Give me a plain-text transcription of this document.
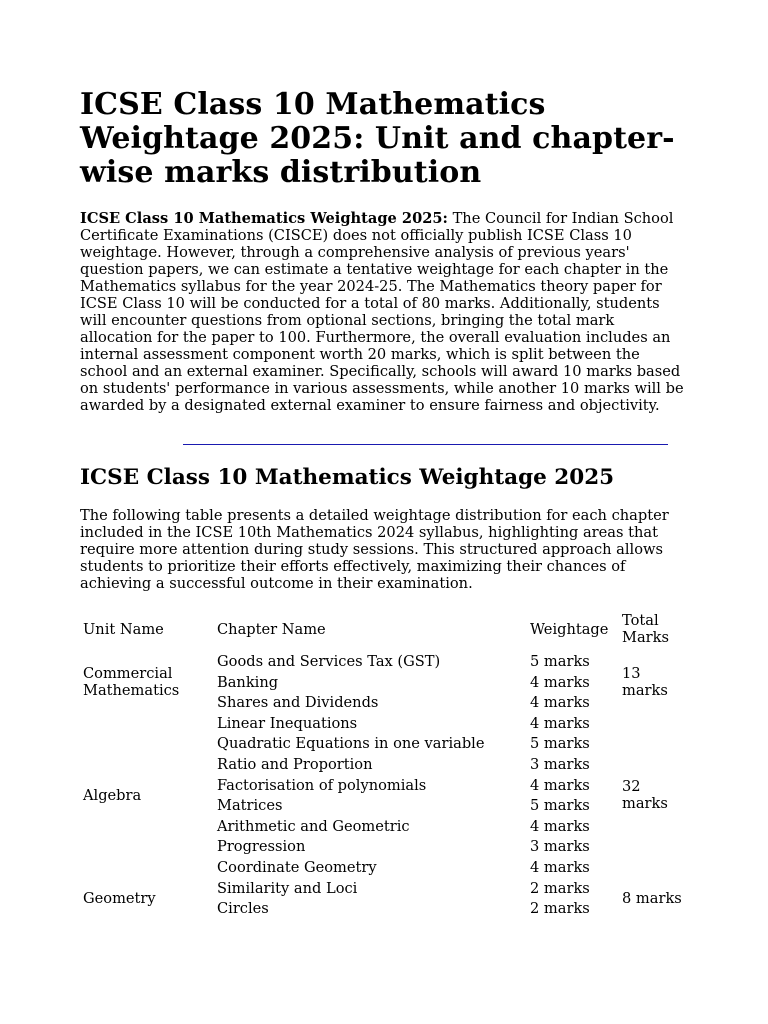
ICSE Class 10 Mathematics Weightage 2025: Unit and chapter-wise marks distribution

ICSE Class 10 Mathematics Weightage 2025: The Council for Indian School Certificate Examinations (CISCE) does not officially publish ICSE Class 10 weightage. However, through a comprehensive analysis of previous years' question papers, we can estimate a tentative weightage for each chapter in the Mathematics syllabus for the year 2024-25. The Mathematics theory paper for ICSE Class 10 will be conducted for a total of 80 marks. Additionally, students will encounter questions from optional sections, bringing the total mark allocation for the paper to 100. Furthermore, the overall evaluation includes an internal assessment component worth 20 marks, which is split between the school and an external examiner. Specifically, schools will award 10 marks based on students' performance in various assessments, while another 10 marks will be awarded by a designated external examiner to ensure fairness and objectivity.

ICSE Class 10 Mathematics Weightage 2025

The following table presents a detailed weightage distribution for each chapter included in the ICSE 10th Mathematics 2024 syllabus, highlighting areas that require more attention during study sessions. This structured approach allows students to prioritize their efforts effectively, maximizing their chances of achieving a successful outcome in their examination.

Unit Name	Chapter Name	Weightage	Total Marks
Commercial Mathematics	Goods and Services Tax (GST)	5 marks	13 marks
	Banking	4 marks	
	Shares and Dividends	4 marks	
Algebra	Linear Inequations	4 marks	32 marks
	Quadratic Equations in one variable	5 marks	
	Ratio and Proportion	3 marks	
	Factorisation of polynomials	4 marks	
	Matrices	5 marks	
	Arithmetic and Geometric	4 marks	
	Progression	3 marks	
	Coordinate Geometry	4 marks	
Geometry	Similarity and Loci	2 marks	8 marks
	Circles	2 marks	
